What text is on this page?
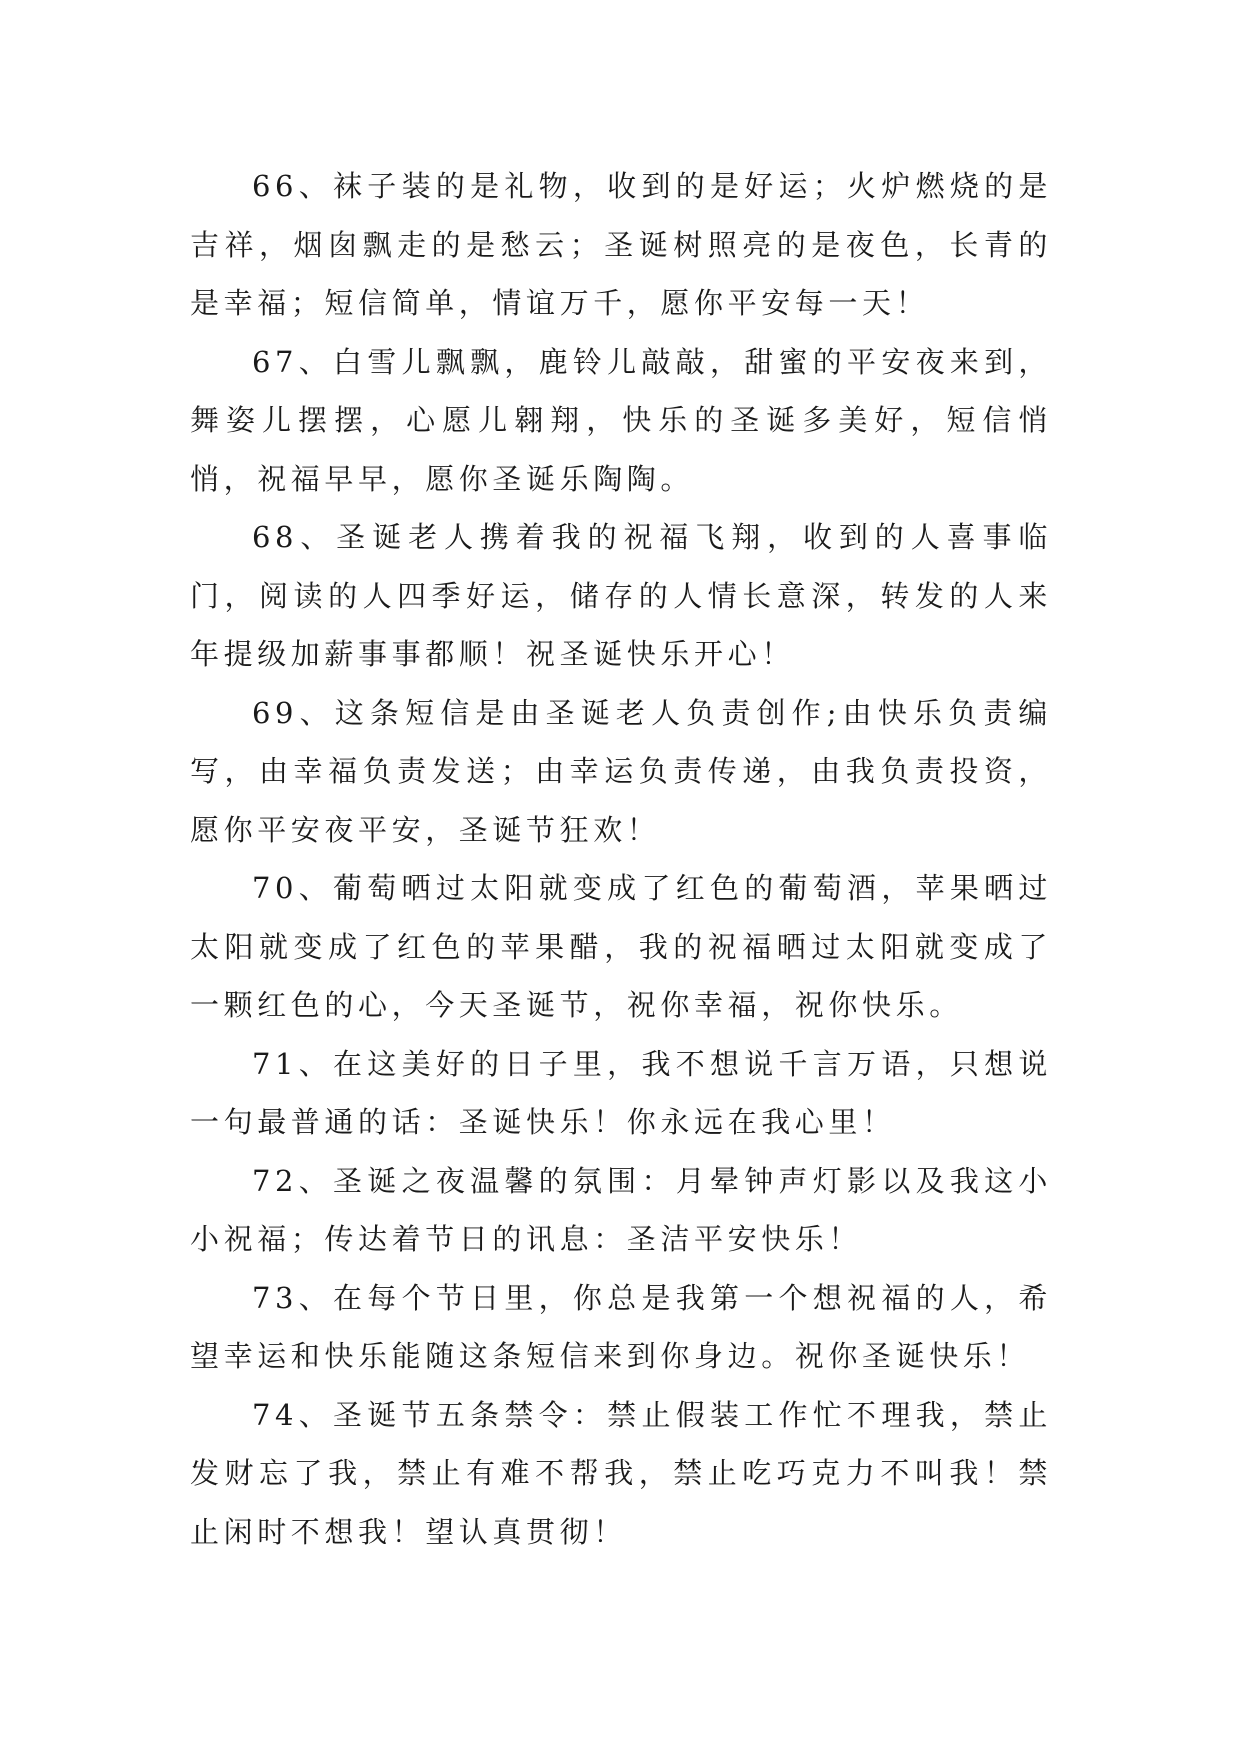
66、袜子装的是礼物，收到的是好运；火炉燃烧的是吉祥，烟囱飘走的是愁云；圣诞树照亮的是夜色，长青的是幸福；短信简单，情谊万千，愿你平安每一天！

67、白雪儿飘飘，鹿铃儿敲敲，甜蜜的平安夜来到，舞姿儿摆摆，心愿儿翱翔，快乐的圣诞多美好，短信悄悄，祝福早早，愿你圣诞乐陶陶。

68、圣诞老人携着我的祝福飞翔，收到的人喜事临门，阅读的人四季好运，储存的人情长意深，转发的人来年提级加薪事事都顺！祝圣诞快乐开心！

69、这条短信是由圣诞老人负责创作;由快乐负责编写，由幸福负责发送；由幸运负责传递，由我负责投资，愿你平安夜平安，圣诞节狂欢！

70、葡萄晒过太阳就变成了红色的葡萄酒，苹果晒过太阳就变成了红色的苹果醋，我的祝福晒过太阳就变成了一颗红色的心，今天圣诞节，祝你幸福，祝你快乐。

71、在这美好的日子里，我不想说千言万语，只想说一句最普通的话：圣诞快乐！你永远在我心里！

72、圣诞之夜温馨的氛围：月晕钟声灯影以及我这小小祝福；传达着节日的讯息：圣洁平安快乐！

73、在每个节日里，你总是我第一个想祝福的人，希望幸运和快乐能随这条短信来到你身边。祝你圣诞快乐！

74、圣诞节五条禁令：禁止假装工作忙不理我，禁止发财忘了我，禁止有难不帮我，禁止吃巧克力不叫我！禁止闲时不想我！望认真贯彻！
